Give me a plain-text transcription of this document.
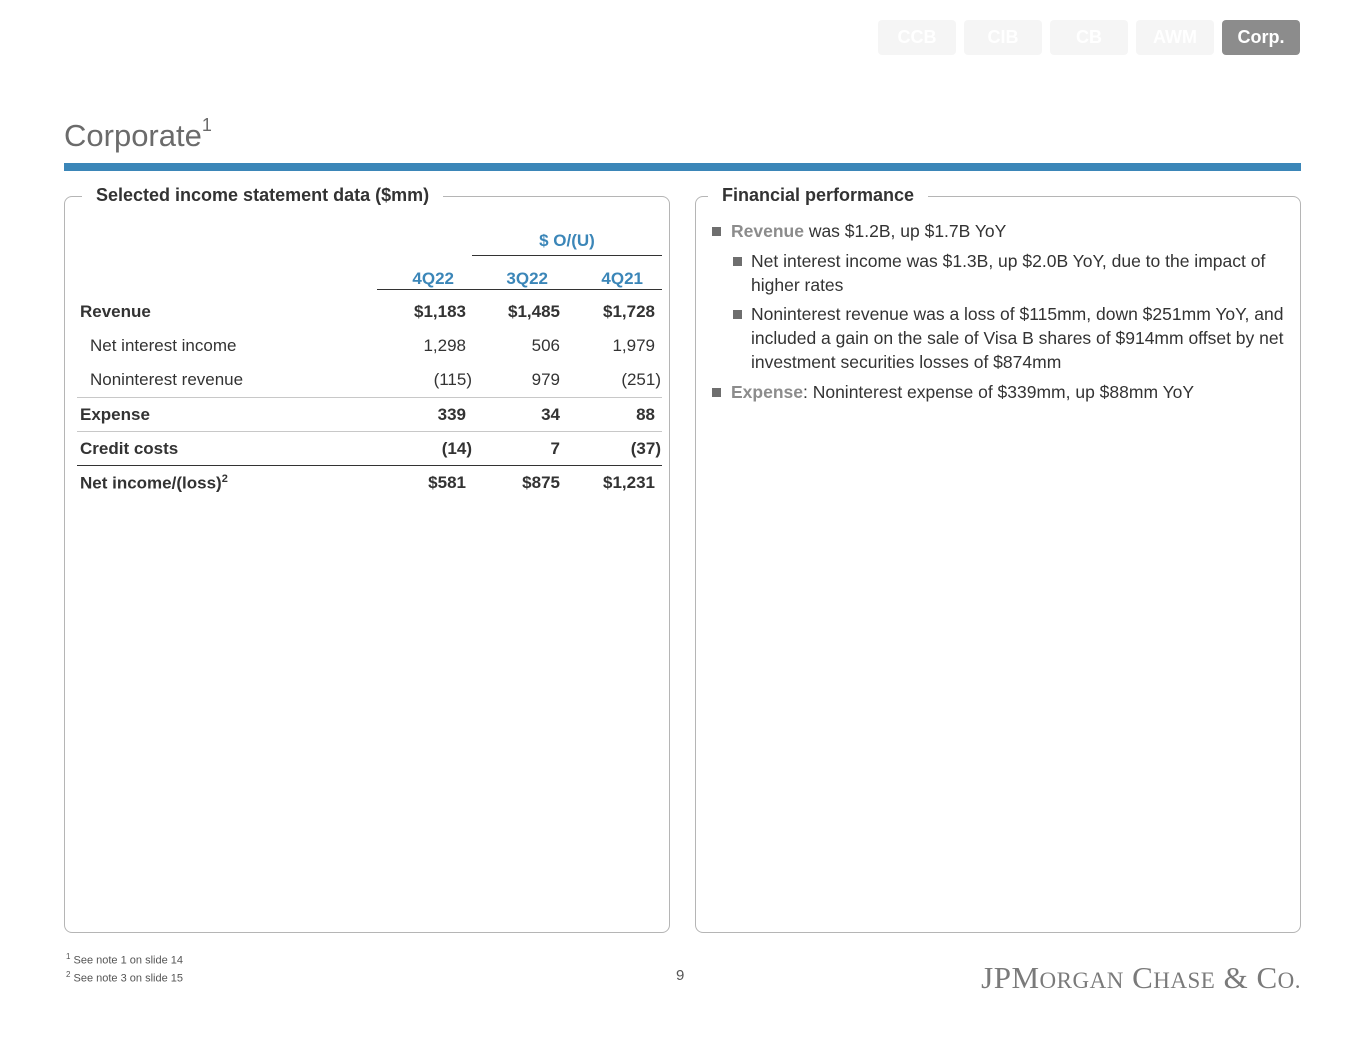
CCB	CIB	CB	AWM	Corp.
Corporate$^1$
Selected income statement data ($mm)
$ O/(U)
4Q22	3Q22	4Q21
Revenue	$1,183	$1,485	$1,728
Net interest income	1,298	506	1,979
Noninterest revenue	(115)	979	(251)
Expense	339	34	88
Credit costs	(14)	7	(37)
Net income/(loss)$^2$	$581	$875	$1,231
Financial performance
Revenue was $1.2B, up $1.7B YoY
Net interest income was $1.3B, up $2.0B YoY, due to the impact of higher rates
Noninterest revenue was a loss of $115mm, down $251mm YoY, and included a gain on the sale of Visa B shares of $914mm offset by net investment securities losses of $874mm
Expense: Noninterest expense of $339mm, up $88mm YoY
$^1$ See note 1 on slide 14
$^2$ See note 3 on slide 15	9	JPMORGAN CHASE & CO.
